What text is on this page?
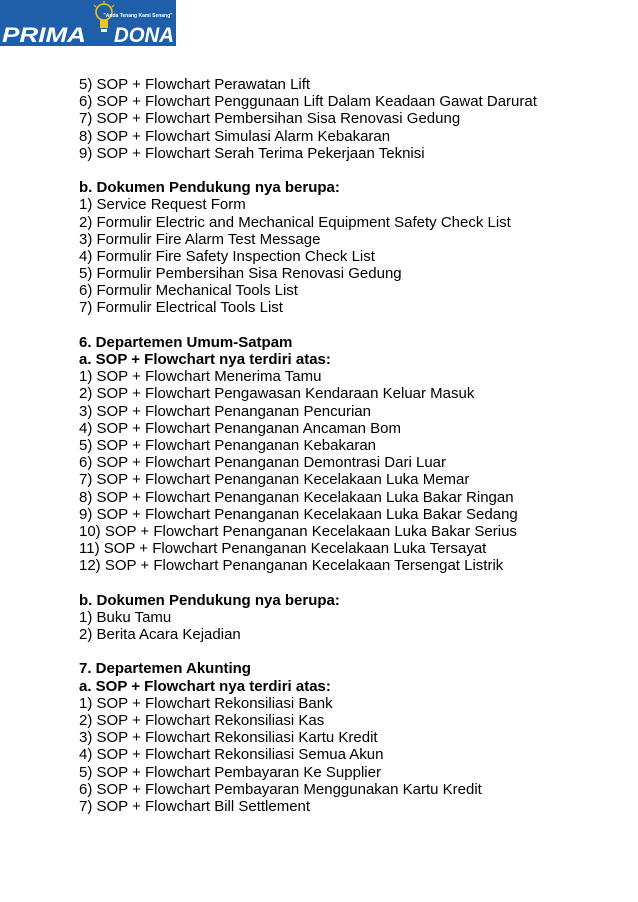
"Anda Tenang Kami Senang"
PRIMA DONA
5) SOP + Flowchart Perawatan Lift
6) SOP + Flowchart Penggunaan Lift Dalam Keadaan Gawat Darurat
7) SOP + Flowchart Pembersihan Sisa Renovasi Gedung
8) SOP + Flowchart Simulasi Alarm Kebakaran
9) SOP + Flowchart Serah Terima Pekerjaan Teknisi
b. Dokumen Pendukung nya berupa:
1) Service Request Form
2) Formulir Electric and Mechanical Equipment Safety Check List
3) Formulir Fire Alarm Test Message
4) Formulir Fire Safety Inspection Check List
5) Formulir Pembersihan Sisa Renovasi Gedung
6) Formulir Mechanical Tools List
7) Formulir Electrical Tools List
6. Departemen Umum-Satpam
a. SOP + Flowchart nya terdiri atas:
1) SOP + Flowchart Menerima Tamu
2) SOP + Flowchart Pengawasan Kendaraan Keluar Masuk
3) SOP + Flowchart Penanganan Pencurian
4) SOP + Flowchart Penanganan Ancaman Bom
5) SOP + Flowchart Penanganan Kebakaran
6) SOP + Flowchart Penanganan Demontrasi Dari Luar
7) SOP + Flowchart Penanganan Kecelakaan Luka Memar
8) SOP + Flowchart Penanganan Kecelakaan Luka Bakar Ringan
9) SOP + Flowchart Penanganan Kecelakaan Luka Bakar Sedang
10) SOP + Flowchart Penanganan Kecelakaan Luka Bakar Serius
11) SOP + Flowchart Penanganan Kecelakaan Luka Tersayat
12) SOP + Flowchart Penanganan Kecelakaan Tersengat Listrik
b. Dokumen Pendukung nya berupa:
1) Buku Tamu
2) Berita Acara Kejadian
7. Departemen Akunting
a. SOP + Flowchart nya terdiri atas:
1) SOP + Flowchart Rekonsiliasi Bank
2) SOP + Flowchart Rekonsiliasi Kas
3) SOP + Flowchart Rekonsiliasi Kartu Kredit
4) SOP + Flowchart Rekonsiliasi Semua Akun
5) SOP + Flowchart Pembayaran Ke Supplier
6) SOP + Flowchart Pembayaran Menggunakan Kartu Kredit
7) SOP + Flowchart Bill Settlement
